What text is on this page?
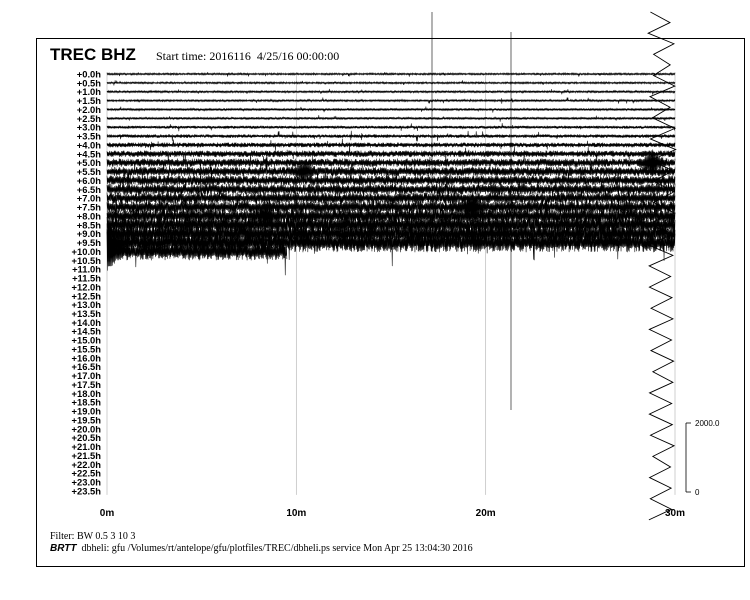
TREC BHZ Start time: 2016116  4/25/16 00:00:00
+0.0h
+0.5h
+1.0h
+1.5h
+2.0h
+2.5h
+3.0h
+3.5h
+4.0h
+4.5h
+5.0h
+5.5h
+6.0h
+6.5h
+7.0h
+7.5h
+8.0h
+8.5h
+9.0h
+9.5h
+10.0h
+10.5h
+11.0h
+11.5h
+12.0h
+12.5h
+13.0h
+13.5h
+14.0h
+14.5h
+15.0h
+15.5h
+16.0h
+16.5h
+17.0h
+17.5h
+18.0h
+18.5h
+19.0h
+19.5h
+20.0h
+20.5h
+21.0h
+21.5h
+22.0h
+22.5h
+23.0h
+23.5h
0m	10m	20m	30m
2000.0
0
Filter: BW 0.5 3 10 3
BRTT dbheli: gfu /Volumes/rt/antelope/gfu/plotfiles/TREC/dbheli.ps service Mon Apr 25 13:04:30 2016
